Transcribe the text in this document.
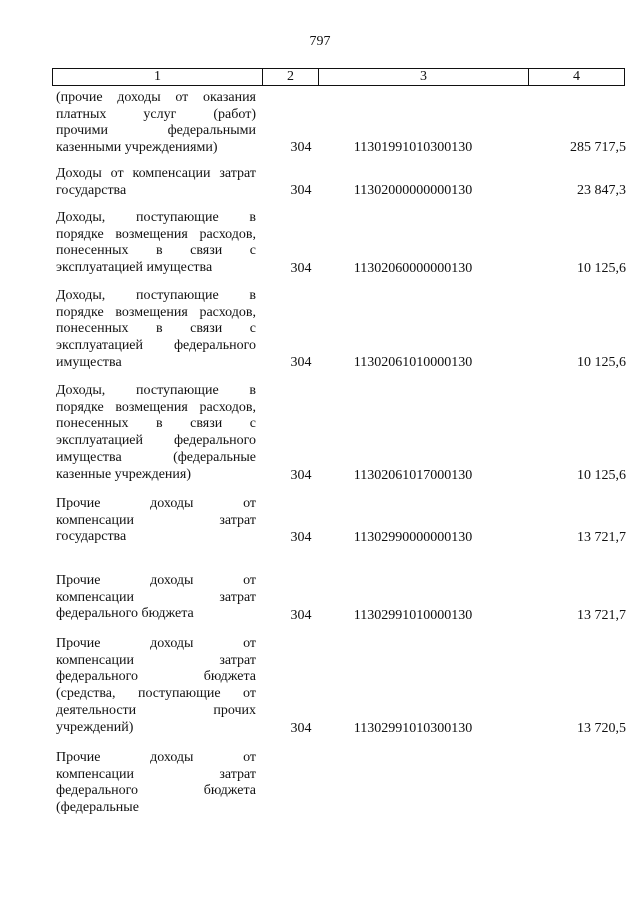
797
1	2	3	4
(прочие доходы от оказания
платных услуг (работ)
прочими федеральными
казенными учреждениями)	304	11301991010300130	285 717,5
Доходы от компенсации затрат
государства	304	11302000000000130	23 847,3
Доходы, поступающие в
порядке возмещения расходов,
понесенных в связи с
эксплуатацией имущества	304	11302060000000130	10 125,6
Доходы, поступающие в
порядке возмещения расходов,
понесенных в связи с
эксплуатацией федерального
имущества	304	11302061010000130	10 125,6
Доходы, поступающие в
порядке возмещения расходов,
понесенных в связи с
эксплуатацией федерального
имущества (федеральные
казенные учреждения)	304	11302061017000130	10 125,6
Прочие доходы от
компенсации затрат
государства	304	11302990000000130	13 721,7
Прочие доходы от
компенсации затрат
федерального бюджета	304	11302991010000130	13 721,7
Прочие доходы от
компенсации затрат
федерального бюджета
(средства, поступающие от
деятельности прочих
учреждений)	304	11302991010300130	13 720,5
Прочие доходы от
компенсации затрат
федерального бюджета
(федеральные
